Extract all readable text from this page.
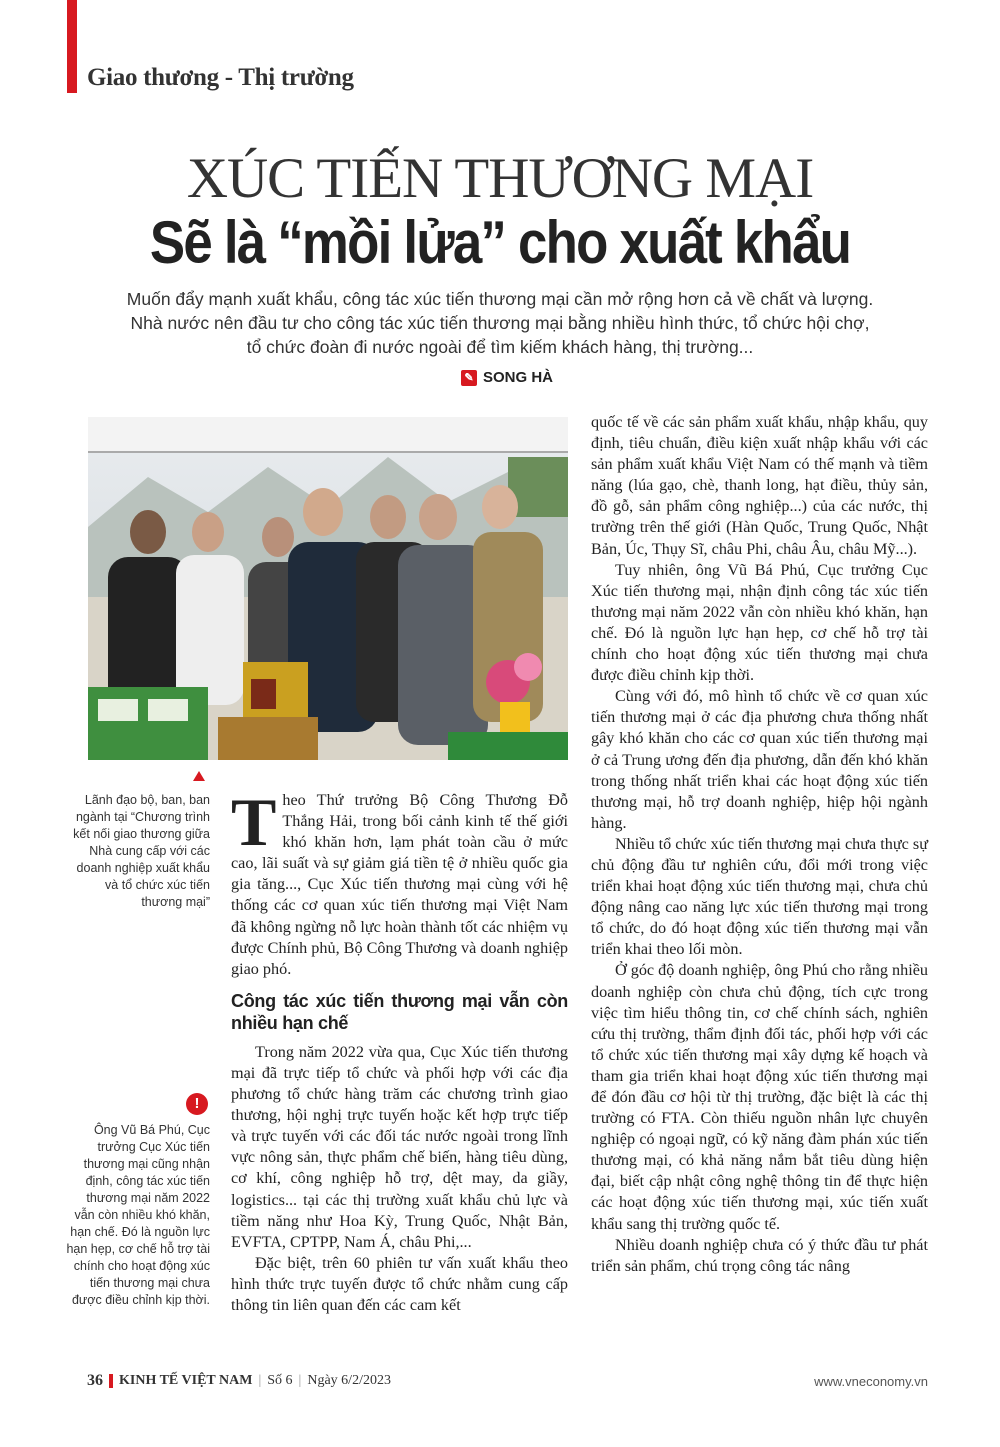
Giao thương - Thị trường
XÚC TIẾN THƯƠNG MẠI
Sẽ là “mồi lửa” cho xuất khẩu
Muốn đẩy mạnh xuất khẩu, công tác xúc tiến thương mại cần mở rộng hơn cả về chất và lượng. Nhà nước nên đầu tư cho công tác xúc tiến thương mại bằng nhiều hình thức, tổ chức hội chợ, tổ chức đoàn đi nước ngoài để tìm kiếm khách hàng, thị trường...
✎ SONG HÀ
Lãnh đạo bộ, ban, ban ngành tại “Chương trình kết nối giao thương giữa Nhà cung cấp với các doanh nghiệp xuất khẩu và tổ chức xúc tiến thương mại”
!
Ông Vũ Bá Phú, Cục trưởng Cục Xúc tiến thương mại cũng nhận định, công tác xúc tiến thương mại năm 2022 vẫn còn nhiều khó khăn, hạn chế. Đó là nguồn lực hạn hẹp, cơ chế hỗ trợ tài chính cho hoạt động xúc tiến thương mại chưa được điều chỉnh kịp thời.

Theo Thứ trưởng Bộ Công Thương Đỗ Thắng Hải, trong bối cảnh kinh tế thế giới khó khăn hơn, lạm phát toàn cầu ở mức cao, lãi suất và sự giảm giá tiền tệ ở nhiều quốc gia gia tăng..., Cục Xúc tiến thương mại cùng với hệ thống các cơ quan xúc tiến thương mại Việt Nam đã không ngừng nỗ lực hoàn thành tốt các nhiệm vụ được Chính phủ, Bộ Công Thương và doanh nghiệp giao phó.

Công tác xúc tiến thương mại vẫn còn nhiều hạn chế

Trong năm 2022 vừa qua, Cục Xúc tiến thương mại đã trực tiếp tổ chức và phối hợp với các địa phương tổ chức hàng trăm các chương trình giao thương, hội nghị trực tuyến hoặc kết hợp trực tiếp và trực tuyến với các đối tác nước ngoài trong lĩnh vực nông sản, thực phẩm chế biến, hàng tiêu dùng, cơ khí, công nghiệp hỗ trợ, dệt may, da giầy, logistics... tại các thị trường xuất khẩu chủ lực và tiềm năng như Hoa Kỳ, Trung Quốc, Nhật Bản, EVFTA, CPTPP, Nam Á, châu Phi,...

Đặc biệt, trên 60 phiên tư vấn xuất khẩu theo hình thức trực tuyến được tổ chức nhằm cung cấp thông tin liên quan đến các cam kết

quốc tế về các sản phẩm xuất khẩu, nhập khẩu, quy định, tiêu chuẩn, điều kiện xuất nhập khẩu với các sản phẩm xuất khẩu Việt Nam có thế mạnh và tiềm năng (lúa gạo, chè, thanh long, hạt điều, thủy sản, đồ gỗ, sản phẩm công nghiệp...) của các nước, thị trường trên thế giới (Hàn Quốc, Trung Quốc, Nhật Bản, Úc, Thụy Sĩ, châu Phi, châu Âu, châu Mỹ...).

Tuy nhiên, ông Vũ Bá Phú, Cục trưởng Cục Xúc tiến thương mại, nhận định công tác xúc tiến thương mại năm 2022 vẫn còn nhiều khó khăn, hạn chế. Đó là nguồn lực hạn hẹp, cơ chế hỗ trợ tài chính cho hoạt động xúc tiến thương mại chưa được điều chỉnh kịp thời.

Cùng với đó, mô hình tổ chức về cơ quan xúc tiến thương mại ở các địa phương chưa thống nhất gây khó khăn cho các cơ quan xúc tiến thương mại ở cả Trung ương đến địa phương, dẫn đến khó khăn trong thống nhất triển khai các hoạt động xúc tiến thương mại, hỗ trợ doanh nghiệp, hiệp hội ngành hàng.

Nhiều tổ chức xúc tiến thương mại chưa thực sự chủ động đầu tư nghiên cứu, đổi mới trong việc triển khai hoạt động xúc tiến thương mại, chưa chủ động nâng cao năng lực xúc tiến thương mại trong tổ chức, do đó hoạt động xúc tiến thương mại vẫn triển khai theo lối mòn.

Ở góc độ doanh nghiệp, ông Phú cho rằng nhiều doanh nghiệp còn chưa chủ động, tích cực trong việc tìm hiểu thông tin, cơ chế chính sách, nghiên cứu thị trường, thẩm định đối tác, phối hợp với các tổ chức xúc tiến thương mại xây dựng kế hoạch và tham gia triển khai hoạt động xúc tiến thương mại để đón đầu cơ hội từ thị trường, đặc biệt là các thị trường có FTA. Còn thiếu nguồn nhân lực chuyên nghiệp có ngoại ngữ, có kỹ năng đàm phán xúc tiến thương mại, có khả năng nắm bắt tiêu dùng hiện đại, biết cập nhật công nghệ thông tin để thực hiện các hoạt động xúc tiến thương mại, xúc tiến xuất khẩu sang thị trường quốc tế.

Nhiều doanh nghiệp chưa có ý thức đầu tư phát triển sản phẩm, chú trọng công tác nâng

36 KINH TẾ VIỆT NAM | Số 6 | Ngày 6/2/2023	www.vneconomy.vn
